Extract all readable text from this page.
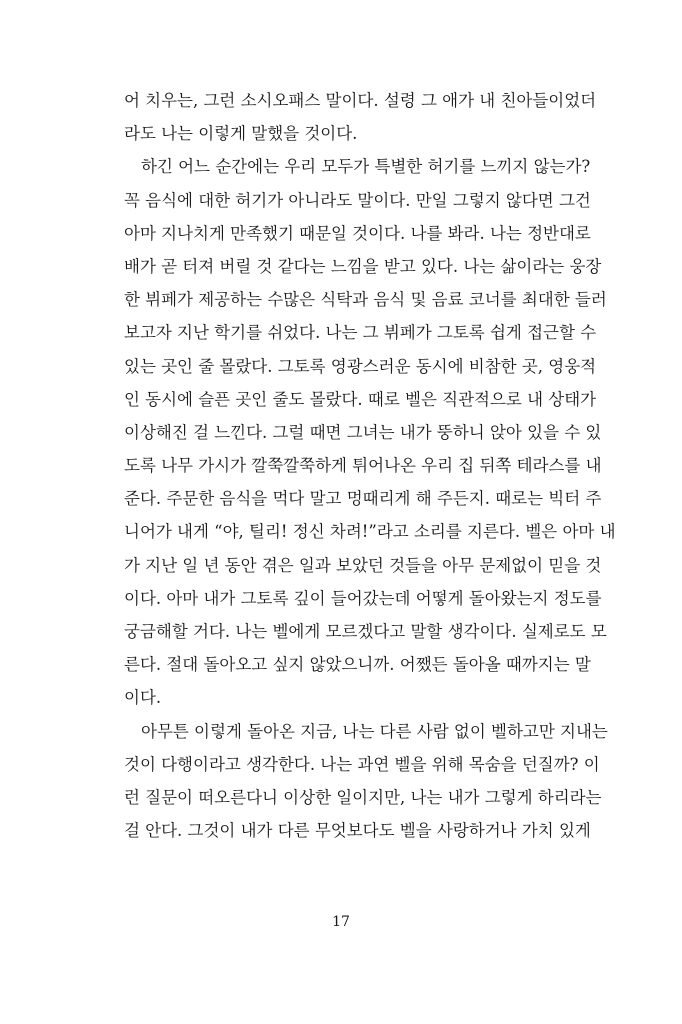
어 치우는, 그런 소시오패스 말이다. 설령 그 애가 내 친아들이었더
라도 나는 이렇게 말했을 것이다.
하긴 어느 순간에는 우리 모두가 특별한 허기를 느끼지 않는가?
꼭 음식에 대한 허기가 아니라도 말이다. 만일 그렇지 않다면 그건
아마 지나치게 만족했기 때문일 것이다. 나를 봐라. 나는 정반대로
배가 곧 터져 버릴 것 같다는 느낌을 받고 있다. 나는 삶이라는 웅장
한 뷔페가 제공하는 수많은 식탁과 음식 및 음료 코너를 최대한 들러
보고자 지난 학기를 쉬었다. 나는 그 뷔페가 그토록 쉽게 접근할 수
있는 곳인 줄 몰랐다. 그토록 영광스러운 동시에 비참한 곳, 영웅적
인 동시에 슬픈 곳인 줄도 몰랐다. 때로 벨은 직관적으로 내 상태가
이상해진 걸 느낀다. 그럴 때면 그녀는 내가 뚱하니 앉아 있을 수 있
도록 나무 가시가 깔쭉깔쭉하게 튀어나온 우리 집 뒤쪽 테라스를 내
준다. 주문한 음식을 먹다 말고 멍때리게 해 주든지. 때로는 빅터 주
니어가 내게 “야, 틸리! 정신 차려!”라고 소리를 지른다. 벨은 아마 내
가 지난 일 년 동안 겪은 일과 보았던 것들을 아무 문제없이 믿을 것
이다. 아마 내가 그토록 깊이 들어갔는데 어떻게 돌아왔는지 정도를
궁금해할 거다. 나는 벨에게 모르겠다고 말할 생각이다. 실제로도 모
른다. 절대 돌아오고 싶지 않았으니까. 어쨌든 돌아올 때까지는 말
이다.
아무튼 이렇게 돌아온 지금, 나는 다른 사람 없이 벨하고만 지내는
것이 다행이라고 생각한다. 나는 과연 벨을 위해 목숨을 던질까? 이
런 질문이 떠오른다니 이상한 일이지만, 나는 내가 그렇게 하리라는
걸 안다. 그것이 내가 다른 무엇보다도 벨을 사랑하거나 가치 있게
17
